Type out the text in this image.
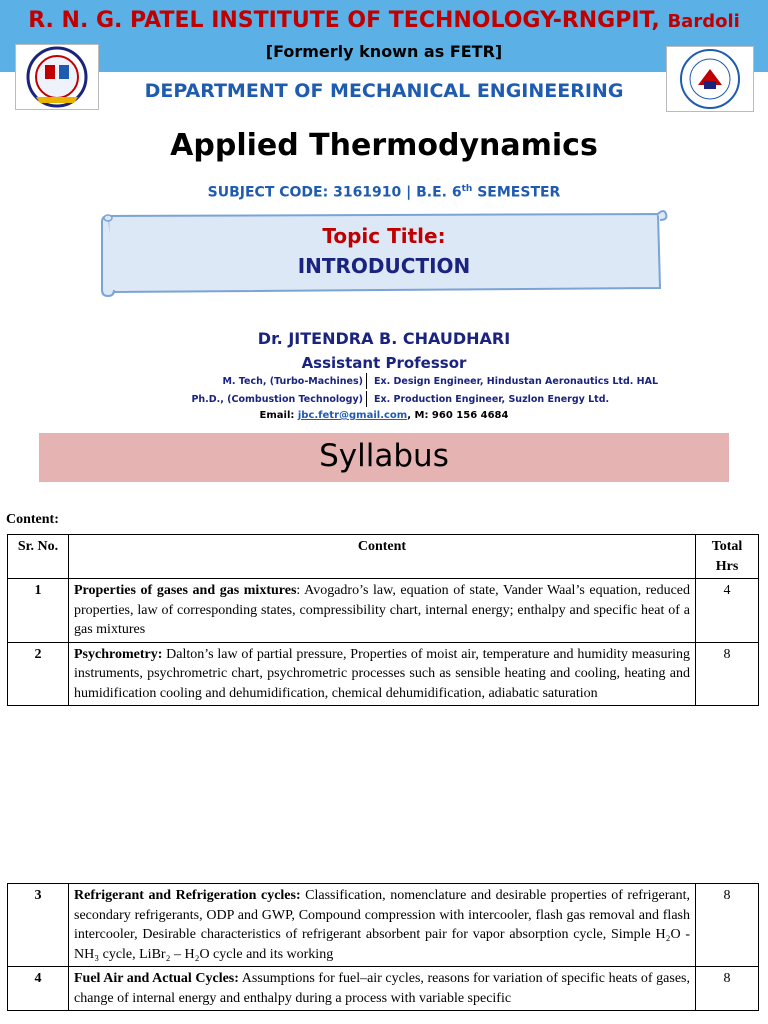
R. N. G. PATEL INSTITUTE OF TECHNOLOGY-RNGPIT, Bardoli
[Formerly known as FETR]
DEPARTMENT OF MECHANICAL ENGINEERING
Applied Thermodynamics
SUBJECT CODE: 3161910 | B.E. 6th SEMESTER
Topic Title:
INTRODUCTION
Dr. JITENDRA B. CHAUDHARI
Assistant Professor
M. Tech, (Turbo-Machines) Ex. Design Engineer, Hindustan Aeronautics Ltd. HAL
Ph.D., (Combustion Technology) Ex. Production Engineer, Suzlon Energy Ltd.
Email: jbc.fetr@gmail.com, M: 960 156 4684
Syllabus
Content:
Sr. No.	Content	Total Hrs
1	Properties of gases and gas mixtures: Avogadro’s law, equation of state, Vander Waal’s equation, reduced properties, law of corresponding states, compressibility chart, internal energy; enthalpy and specific heat of a gas mixtures	4
2	Psychrometry: Dalton’s law of partial pressure, Properties of moist air, temperature and humidity measuring instruments, psychrometric chart, psychrometric processes such as sensible heating and cooling, heating and humidification cooling and dehumidification, chemical dehumidification, adiabatic saturation	8
3	Refrigerant and Refrigeration cycles: Classification, nomenclature and desirable properties of refrigerant, secondary refrigerants, ODP and GWP, Compound compression with intercooler, flash gas removal and flash intercooler, Desirable characteristics of refrigerant absorbent pair for vapor absorption cycle, Simple H₂O -NH₃ cycle, LiBr₂ – H₂O cycle and its working	8
4	Fuel Air and Actual Cycles: Assumptions for fuel–air cycles, reasons for variation of specific heats of gases, change of internal energy and enthalpy during a process with variable specific	8
